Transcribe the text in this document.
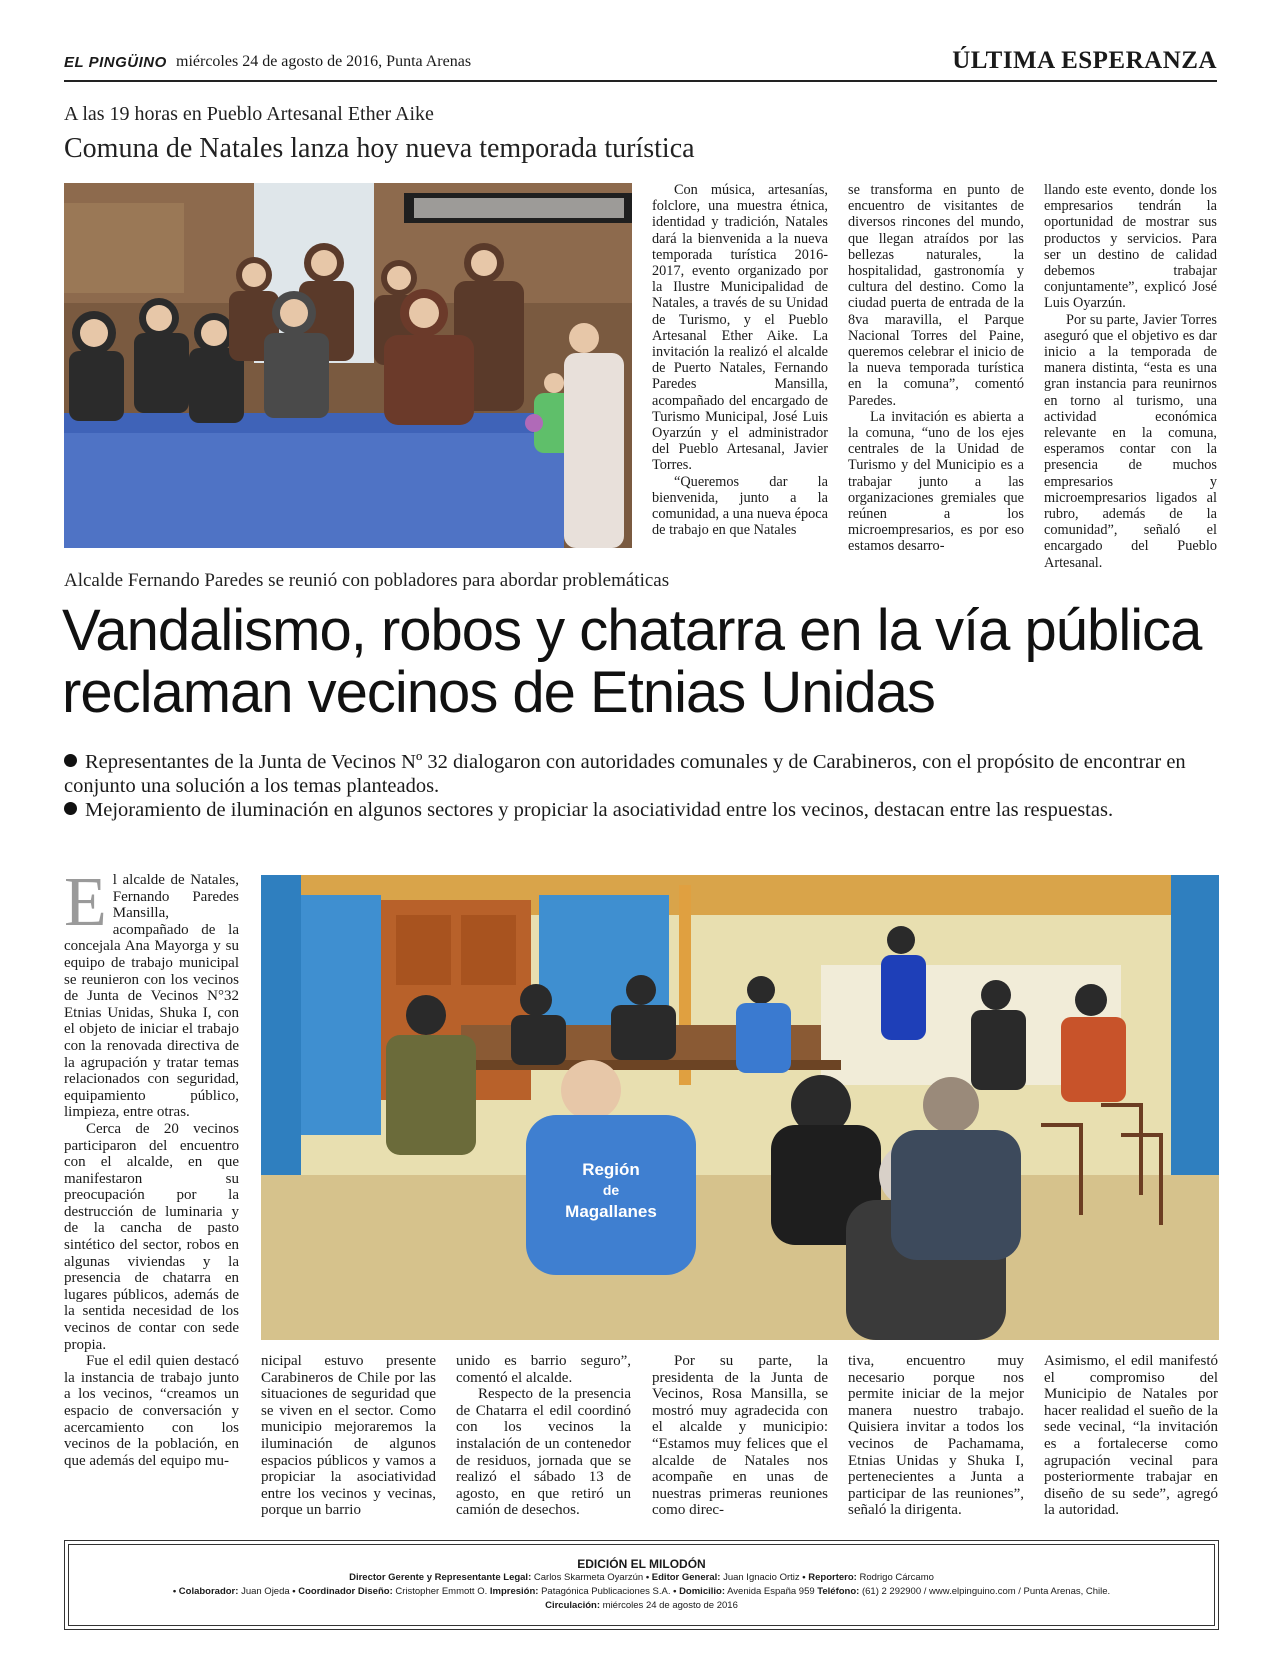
EL PINGÜINO miércoles 24 de agosto de 2016, Punta Arenas	ÚLTIMA ESPERANZA
A las 19 horas en Pueblo Artesanal Ether Aike
Comuna de Natales lanza hoy nueva temporada turística

Con música, artesanías, folclore, una muestra étnica, identidad y tradición, Natales dará la bienvenida a la nueva temporada turística 2016-2017, evento organizado por la Ilustre Municipalidad de Natales, a través de su Unidad de Turismo, y el Pueblo Artesanal Ether Aike. La invitación la realizó el alcalde de Puerto Natales, Fernando Paredes Mansilla, acompañado del encargado de Turismo Municipal, José Luis Oyarzún y el administrador del Pueblo Artesanal, Javier Torres.

“Queremos dar la bienvenida, junto a la comunidad, a una nueva época de trabajo en que Natales

se transforma en punto de encuentro de visitantes de diversos rincones del mundo, que llegan atraídos por las bellezas naturales, la hospitalidad, gastronomía y cultura del destino. Como la ciudad puerta de entrada de la 8va maravilla, el Parque Nacional Torres del Paine, queremos celebrar el inicio de la nueva temporada turística en la comuna”, comentó Paredes.

La invitación es abierta a la comuna, “uno de los ejes centrales de la Unidad de Turismo y del Municipio es a trabajar junto a las organizaciones gremiales que reúnen a los microempresarios, es por eso estamos desarro-

llando este evento, donde los empresarios tendrán la oportunidad de mostrar sus productos y servicios. Para ser un destino de calidad debemos trabajar conjuntamente”, explicó José Luis Oyarzún.

Por su parte, Javier Torres aseguró que el objetivo es dar inicio a la temporada de manera distinta, “esta es una gran instancia para reunirnos en torno al turismo, una actividad económica relevante en la comuna, esperamos contar con la presencia de muchos empresarios y microempresarios ligados al rubro, además de la comunidad”, señaló el encargado del Pueblo Artesanal.

Alcalde Fernando Paredes se reunió con pobladores para abordar problemáticas
Vandalismo, robos y chatarra en la vía pública reclaman vecinos de Etnias Unidas
Representantes de la Junta de Vecinos Nº 32 dialogaron con autoridades comunales y de Carabineros, con el propósito de encontrar en conjunto una solución a los temas planteados.
Mejoramiento de iluminación en algunos sectores y propiciar la asociatividad entre los vecinos, destacan entre las respuestas.

El alcalde de Natales, Fernando Paredes Mansilla, acompañado de la concejala Ana Mayorga y su equipo de trabajo municipal se reunieron con los vecinos de Junta de Vecinos N°32 Etnias Unidas, Shuka I, con el objeto de iniciar el trabajo con la renovada directiva de la agrupación y tratar temas relacionados con seguridad, equipamiento público, limpieza, entre otras.

Cerca de 20 vecinos participaron del encuentro con el alcalde, en que manifestaron su preocupación por la destrucción de luminaria y de la cancha de pasto sintético del sector, robos en algunas viviendas y la presencia de chatarra en lugares públicos, además de la sentida necesidad de los vecinos de contar con sede propia.

Fue el edil quien destacó la instancia de trabajo junto a los vecinos, “creamos un espacio de conversación y acercamiento con los vecinos de la población, en que además del equipo mu-

Región
de
Magallanes

nicipal estuvo presente Carabineros de Chile por las situaciones de seguridad que se viven en el sector. Como municipio mejoraremos la iluminación de algunos espacios públicos y vamos a propiciar la asociatividad entre los vecinos y vecinas, porque un barrio

unido es barrio seguro”, comentó el alcalde.

Respecto de la presencia de Chatarra el edil coordinó con los vecinos la instalación de un contenedor de residuos, jornada que se realizó el sábado 13 de agosto, en que retiró un camión de desechos.

Por su parte, la presidenta de la Junta de Vecinos, Rosa Mansilla, se mostró muy agradecida con el alcalde y municipio: “Estamos muy felices que el alcalde de Natales nos acompañe en unas de nuestras primeras reuniones como direc-

tiva, encuentro muy necesario porque nos permite iniciar de la mejor manera nuestro trabajo. Quisiera invitar a todos los vecinos de Pachamama, Etnias Unidas y Shuka I, pertenecientes a Junta a participar de las reuniones”, señaló la dirigenta.

Asimismo, el edil manifestó el compromiso del Municipio de Natales por hacer realidad el sueño de la sede vecinal, “la invitación es a fortalecerse como agrupación vecinal para posteriormente trabajar en diseño de su sede”, agregó la autoridad.

EDICIÓN EL MILODÓN
Director Gerente y Representante Legal: Carlos Skarmeta Oyarzún • Editor General: Juan Ignacio Ortiz • Reportero: Rodrigo Cárcamo
• Colaborador: Juan Ojeda • Coordinador Diseño: Cristopher Emmott O. Impresión: Patagónica Publicaciones S.A. • Domicilio: Avenida España 959 Teléfono: (61) 2 292900 / www.elpinguino.com / Punta Arenas, Chile.
Circulación: miércoles 24 de agosto de 2016
